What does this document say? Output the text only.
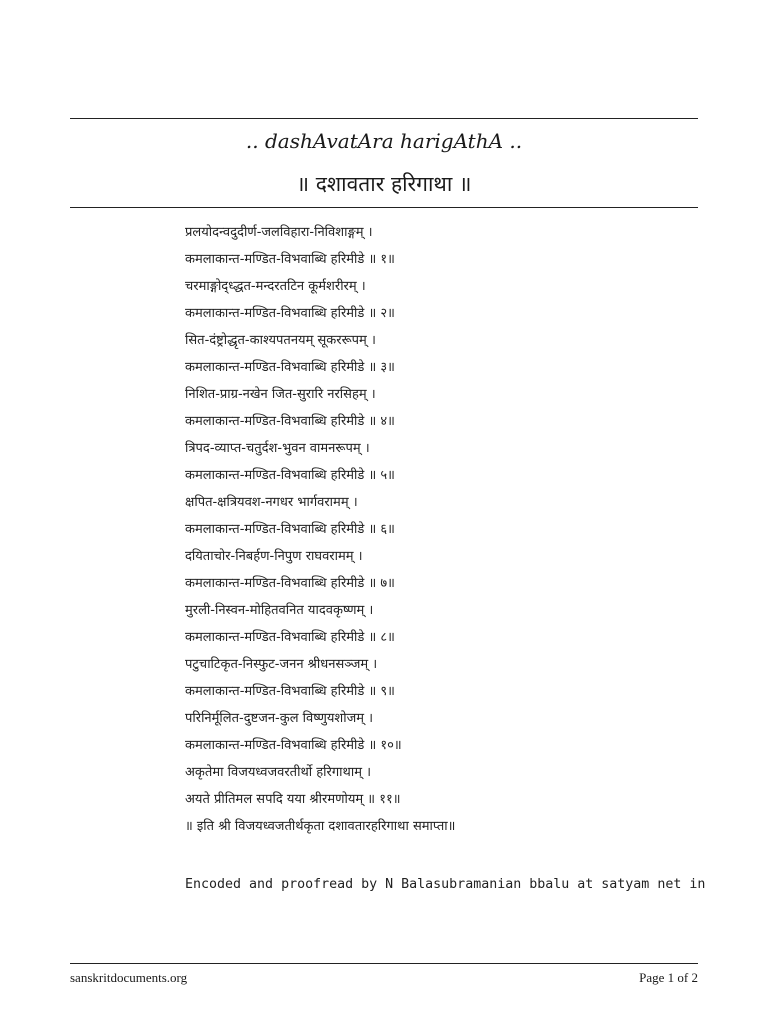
.. dashAvatAra harigAthA ..
॥ दशावतार हरिगाथा ॥
प्रलयोदन्वदुदीर्ण-जलविहारा-निविशाङ्गम् ।
कमलाकान्त-मण्डित-विभवाब्धि हरिमीडे ॥ १॥
चरमाङ्गोद्ध्द्धत-मन्दरतटिन कूर्मशरीरम् ।
कमलाकान्त-मण्डित-विभवाब्धि हरिमीडे ॥ २॥
सित-दंष्ट्रोद्धृत-काश्यपतनयम् सूकररूपम् ।
कमलाकान्त-मण्डित-विभवाब्धि हरिमीडे ॥ ३॥
निशित-प्राग्र-नखेन जित-सुरारि नरसिहम् ।
कमलाकान्त-मण्डित-विभवाब्धि हरिमीडे ॥ ४॥
त्रिपद-व्याप्त-चतुर्दश-भुवन वामनरूपम् ।
कमलाकान्त-मण्डित-विभवाब्धि हरिमीडे ॥ ५॥
क्षपित-क्षत्रियवश-नगधर भार्गवरामम् ।
कमलाकान्त-मण्डित-विभवाब्धि हरिमीडे ॥ ६॥
दयिताचोर-निबर्हण-निपुण राघवरामम् ।
कमलाकान्त-मण्डित-विभवाब्धि हरिमीडे ॥ ७॥
मुरली-निस्वन-मोहितवनित यादवकृष्णम् ।
कमलाकान्त-मण्डित-विभवाब्धि हरिमीडे ॥ ८॥
पटुचाटिकृत-निस्फुट-जनन श्रीधनसञ्जम् ।
कमलाकान्त-मण्डित-विभवाब्धि हरिमीडे ॥ ९॥
परिनिर्मूलित-दुष्टजन-कुल विष्णुयशोजम् ।
कमलाकान्त-मण्डित-विभवाब्धि हरिमीडे ॥ १०॥
अकृतेमा विजयध्वजवरतीर्थो हरिगाथाम् ।
अयते प्रीतिमल सपदि यया श्रीरमणोयम् ॥ ११॥
॥ इति श्री विजयध्वजतीर्थकृता दशावतारहरिगाथा समाप्ता॥
Encoded and proofread by N Balasubramanian bbalu at satyam net in
sanskritdocuments.org	Page 1 of 2
